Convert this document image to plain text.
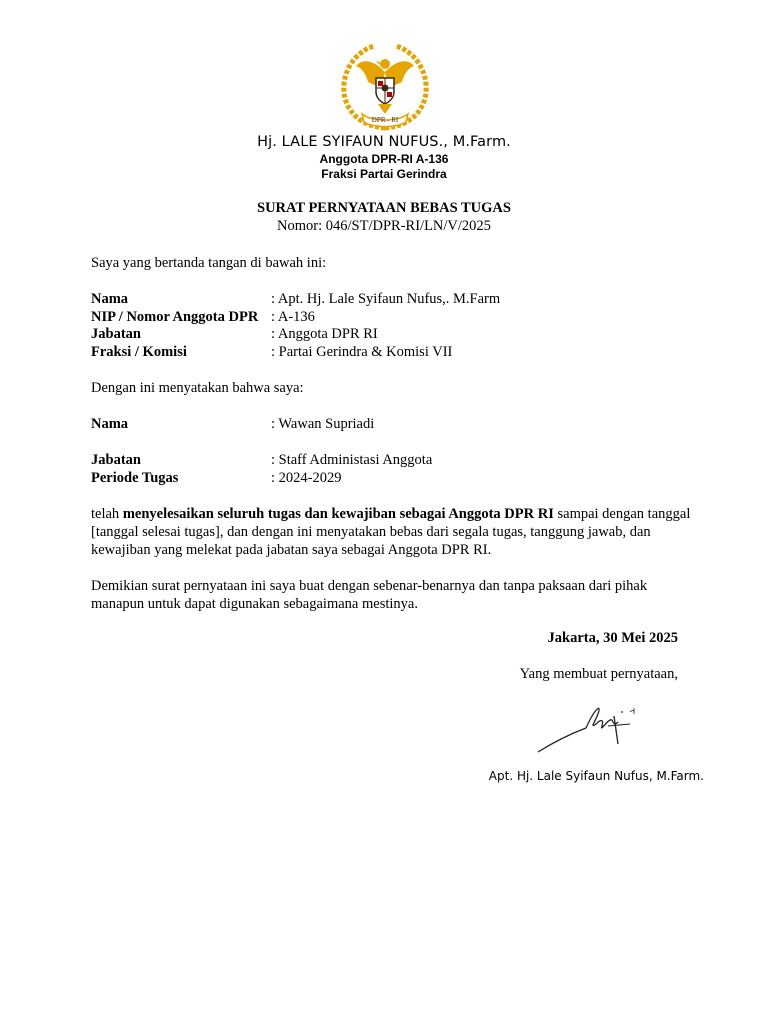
DPR - RI
Hj. LALE SYIFAUN NUFUS., M.Farm.
Anggota DPR-RI A-136
Fraksi Partai Gerindra
SURAT PERNYATAAN BEBAS TUGAS
Nomor: 046/ST/DPR-RI/LN/V/2025
Saya yang bertanda tangan di bawah ini:
Nama	: Apt. Hj. Lale Syifaun Nufus,. M.Farm
NIP / Nomor Anggota DPR : A-136
Jabatan	: Anggota DPR RI
Fraksi / Komisi	: Partai Gerindra & Komisi VII
Dengan ini menyatakan bahwa saya:
Nama	: Wawan Supriadi
Jabatan	: Staff Administasi Anggota
Periode Tugas	: 2024-2029
telah menyelesaikan seluruh tugas dan kewajiban sebagai Anggota DPR RI sampai dengan tanggal [tanggal selesai tugas], dan dengan ini menyatakan bebas dari segala tugas, tanggung jawab, dan kewajiban yang melekat pada jabatan saya sebagai Anggota DPR RI.
Demikian surat pernyataan ini saya buat dengan sebenar-benarnya dan tanpa paksaan dari pihak manapun untuk dapat digunakan sebagaimana mestinya.
Jakarta, 30 Mei 2025
Yang membuat pernyataan,
Apt. Hj. Lale Syifaun Nufus, M.Farm.
